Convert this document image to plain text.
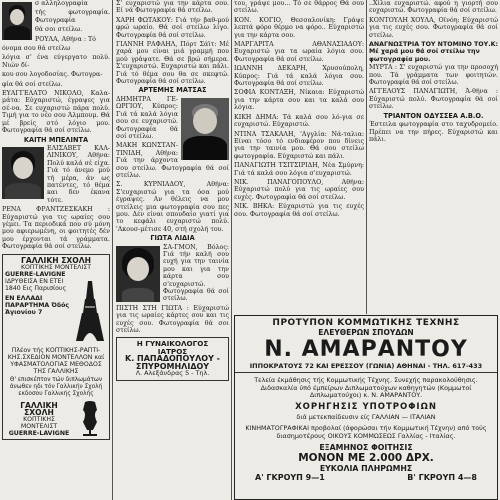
σ αλληλογραφία

τής φωτογραφία. Φωτογραφία

θά σοι στείλω.

ΡΟΥΛΑ, Αθήνα : Τό

όνομα σου θά στείλω

λόγια σ' ένα εύγεργατο πολύ. Νιών δί-

κου σου λογοδοσίας. Φωτογρα-

φία θά σοί στείλω.

ΕΥΑΓΓΕΛΑΤΟ ΝΙΚΟΛΟ, Καλα-μάτα: Εύχαριστώ, έγραψες για σέ-να. Σε ευχαριστώ πάρα πολύ. Τιμή για το νέο σου Άλμπουμ. Θά μέ βρείς στό λόγιο μου. Φωτογραφία θά σοί στείλω.

ΚΑΙΤΗ ΜΠΕΛΙΝΤΑ

ΕΛΙΣΑΒΕΤ ΚΑΛ-ΛΙΝΙΚΟΥ, Αθήνα: Πολύ καλά σέ είχα. Γιά τό άνεμο μού τή μέρα, άν ως πατέντες, τό θέμα και δεν έκανα τότε.

ΡΕΝΑ ΦΡΑΝΤΖΕΣΚΑΚΗ : Εύχαριστώ για τις ωραίες σου γέμει. Τα περιοδικά που σύ μόνη μου αφιερωμένη, οι φοιτητές δέν μου έρχονται τά γράμματα. Φωτογραφία θά σοί στείλω.

ΓΑΛΛΙΚΗ ΣΧΟΛΗ
ΚΟΠΤΙΚΗΣ ΜΟΝΤΕΛΙΣΤ
GUERRE-LAVIGNE
ΙΔΡΥΘΕΙΣΑ ΕΝ ΕΤΕΙ 1840 Εις Παρισίους
ΕΝ ΕΛΛΑΔΙ ΠΑΡΑΡΤΗΜΑ Όδός Άγιονίου 7
Πλέον τής ΚΟΠΤΙΚΗΣ-ΡΑΠΤΙ-ΚΗΣ.ΣΧΕΔΙΟΝ ΜΟΝΤΕΛΛΟΝ καί ΥΦΑΣΜΑΤΟΛΟΓΙΑΣ ΜΕΘΟΔΟΣ ΤΗΣ ΓΑΛΛΙΚΗΣ
Θ' επισκέπτον τών διπλωμάτων άνωθεν ηδι τόν Γαλλικήν Σχολή εκδοσου Γαλλικής Σχολής
ΓΑΛΛΙΚΗ ΣΧΟΛΗ
ΚΟΠΤΙΚΗΣ ΜΟΝΤΕΛΙΣΤ
GUERRE-LAVIGNE

Σ' ευχαριστώ για την κάρτα σου. Εί νά Φωτογραφία θά στείλω.

ΧΑΡΗ ΦΩΤΑΚΟΥ: Γιά τήν βαθ-μού φρώ ωραίο. Θά σοί στείλω λίγο. Φωτογραφία θά σοί στείλω.

ΓΙΑΝΝΗ ΡΑΦΑΗΛ, Πόρτ Σάϊτ: Μέ χαρά μου είναι μιά γραμμή που μού γράψατε. Θά σε βρώ σήμερα. Σ'ευχαριστώ. Ευχαριστώ και πάλι. Γιά τό θέμα σου θα σε σκεφτώ. Φωτογραφία θά σοί στείλω.

ΑΡΤΕΜΗΣ ΜΑΤΣΑΣ

ΔΗΜΗΤΡΑ ΓΕ-ΩΡΓΙΟΥ, Κύπρος: Γιά τά καλά λόγια σου σε ευχαριστώ. Φωτογραφία θά σοί στείλω.

ΜΑΚΗ ΚΩΝΣΤΑΝ-ΤΙΝΙΔΗ, Αθήνα: Γιά την άρχοντα σου στείλω. Φωτογραφία θά σοί στείλω.

Σ. ΚΥΡΝΙΑΔΟΥ, Αθήνα: Σ'ευχαριστώ για τα όσα μού έγραψες. Αν θέλεις να μου στείλεις μια φωτογραφία σου πες μου. Δέν είναι σπουδαίο γιατί για το κεφάλι ευχαριστώ πολύ. 'Ακουσ-μέτισε 40, στή σχολή του.

ΓΙΩΤΑ ΛΙΔΙΑ

ΣΑ-ΓΜΟΝ, Βόλος: Γιά τήν καλή σου ευχή για την ταινία μου και για την κάρτα σου σ'ευχαριστώ. Φωτογραφία θά σοί στείλω.

ΠΙΣΤΗ ΣΤΗ ΓΙΩΤΑ : Εύχαριστώ για τις ωραίες κάρτες σου και τις ευχές σου. Φωτογραφία θά σοι στείλω.

Η ΓΥΝΑΙΚΟΛΟΓΟΣ
ΙΑΤΡΟΣ
Κ. ΠΑΠΑΔΟΠΟΥΛΟΥ -
ΣΠΥΡΟΜΗΛΙΔΟΥ
Λ. Αλεξάνδρας 5 - Τηλ.

του, γράψε μου... Τό σε θάρρος Θά σου στείλω.

ΚΟΝ. ΚΟΓΙΟ, Θεσσαλονίκη: Γράψε λεπτά φόρο θέρμο να φόρο.. Εύχαριστώ για την κάρτα σου.

ΜΑΡΓΑΡΙΤΑ ΑΘΑΝΑΣΙΑΔΟΥ: Ευχαριστώ για τα ωραία λόγια σου. Φωτογραφία θά σοί στείλω.

ΙΩΑΝΝΗ ΔΕΚΑΡΗ, Χρυσούπολη, Κύπρος: Γιά τά καλά λόγια σου. Φωτογραφία θά σοί στείλω.

ΣΟΦΙΑ ΚΟΝΤΑΞΗ, Νίκαια: Εύχαριστώ για την κάρτα σου και τα καλά σου λόγια.

ΚΙΚΗ ΔΗΜΑ: Τά καλά σου λό-για σε ευχαριστώ. Εύχαριστώ.

ΝΤΙΝΑ ΤΣΑΚΑΛΗ, 'Αγγλία: Νά-ταλια: Είναι τόσο τό ενδιαφέρον που δίνεις για την ταινία μου. Θά σου στείλω φωτογραφία. Εύχαριστώ και πάλι.

ΠΑΝΑΓΙΩΤΗ ΤΣΙΤΣΙΡΙΔΗ, Νέα Σμύρνη: Γιά τά καλά σου λόγια σ'ευχαριστώ.

ΝΙΚ. ΠΑΝΑΓΟΠΟΥΛΟ, Αθήνα: Εύχαριστώ πολύ για τις ωραίες σου ευχές. Φωτογραφία θά σοί στείλω.

ΝΙΚ. ΒΗΚΑ: Εύχαριστώ για τις ευχές σου. Φωτογραφία θά σοί στείλω.

..Χίλια ευχαριστώ. αφού η γιορτή σου ευχαριστώ. Φωτογραφία θά σοί στείλω.

ΚΟΝΤΟΥΛΗ ΧΟΥΛΑ, Οϊνόη: Εύχαριστώ για τις ευχές σου. Φωτογραφία θά σοί στείλω.

ΑΝΑΓΝΩΣΤΡΙΑ ΤΟΥ ΝΤΟΜΙΝΟ ΤΟΥ.Κ: Μέ χαρά μου θά σοί στείλω την φωτογραφία μου.

ΜΥΡΤΑ : Σ' ευχαριστώ για την προσοχή που. Τά γράμματα των φοιτητών. Φωτογραφία θά σοί στείλω.

ΑΓΓΕΛΟΥΣ ΠΑΝΑΓΙΩΤΗ, Ά-θήνα : Εύχαριστώ πολύ. Φωτογραφία θά σοί στείλω.

ΤΡΙΑΝΤΟΝ ΟΔΥΣΣΕΑ Α.Β.Ο.

Έστειλα φωτογραφία στο ταχυδρομείο. Πρέπει να την πήρες. Εύχαριστώ και πάλι.

ΠΡΟΤΥΠΟΝ ΚΟΜΜΩΤΙΚΗΣ ΤΕΧΝΗΣ
ΕΛΕΥΘΕΡΩΝ ΣΠΟΥΔΩΝ
Ν. ΑΜΑΡΑΝΤΟΥ
ΙΠΠΟΚΡΑΤΟΥΣ 72 ΚΑΙ ΕΡΕΣΣΟΥ (ΓΩΝΙΑ) ΑΘΗΝΑΙ - ΤΗΛ. 617-433
Τελεία έκμάθησις τής Κομμωτικής Τέχνης. Συνεχής παρακολούθησις. Διδασκαλία ύπό έμπείρων Διπλωματούχων καθηγητών (Κομμωτοί Διπλωματούχοι) κ. Ν. ΑΜΑΡΑΝΤΟΥ.
ΧΟΡΗΓΗΣΙΣ ΥΠΟΤΡΟΦΙΩΝ
διά μετεκπαίδευσιν είς ΓΑΛΛΙΑΝ — ΙΤΑΛΙΑΝ
ΚΙΝΗΜΑΤΟΓΡΑΦΙΚΑΙ προβολαί (άφορώσαι τήν Κομμωτική Τέχνην) από τούς διασημοτέρους ΟΙΚΟΥΣ ΚΟΜΜΩΣΕΩΣ Γαλλίας - Ιταλίας.
ΕΞΑΜΗΝΟΣ ΦΟΙΤΗΣΙΣ
ΜΟΝΟΝ ΜΕ 2.000 ΔΡΧ.
ΕΥΚΟΛΙΑ ΠΛΗΡΩΜΗΣ
Α' ΓΚΡΟΥΠ 9—1	Β' ΓΚΡΟΥΠ 4—8
